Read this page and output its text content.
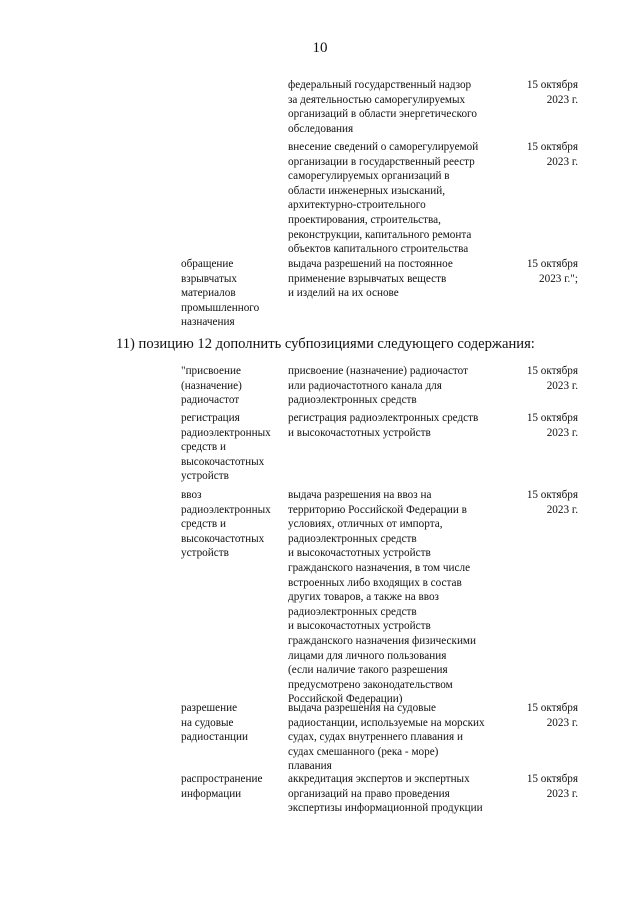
10
федеральный государственный надзор
за деятельностью саморегулируемых
организаций в области энергетического
обследования
15 октября
2023 г.
внесение сведений о саморегулируемой
организации в государственный реестр
саморегулируемых организаций в
области инженерных изысканий,
архитектурно-строительного
проектирования, строительства,
реконструкции, капитального ремонта
объектов капитального строительства
15 октября
2023 г.
обращение
взрывчатых
материалов
промышленного
назначения
выдача разрешений на постоянное
применение взрывчатых веществ
и изделий на их основе
15 октября
2023 г.";
11) позицию 12 дополнить субпозициями следующего содержания:
"присвоение
(назначение)
радиочастот
присвоение (назначение) радиочастот
или радиочастотного канала для
радиоэлектронных средств
15 октября
2023 г.
регистрация
радиоэлектронных
средств и
высокочастотных
устройств
регистрация радиоэлектронных средств
и высокочастотных устройств
15 октября
2023 г.
ввоз
радиоэлектронных
средств и
высокочастотных
устройств
выдача разрешения на ввоз на
территорию Российской Федерации в
условиях, отличных от импорта,
радиоэлектронных средств
и высокочастотных устройств
гражданского назначения, в том числе
встроенных либо входящих в состав
других товаров, а также на ввоз
радиоэлектронных средств
и высокочастотных устройств
гражданского назначения физическими
лицами для личного пользования
(если наличие такого разрешения
предусмотрено законодательством
Российской Федерации)
15 октября
2023 г.
разрешение
на судовые
радиостанции
выдача разрешения на судовые
радиостанции, используемые на морских
судах, судах внутреннего плавания и
судах смешанного (река - море)
плавания
15 октября
2023 г.
распространение
информации
аккредитация экспертов и экспертных
организаций на право проведения
экспертизы информационной продукции
15 октября
2023 г.
